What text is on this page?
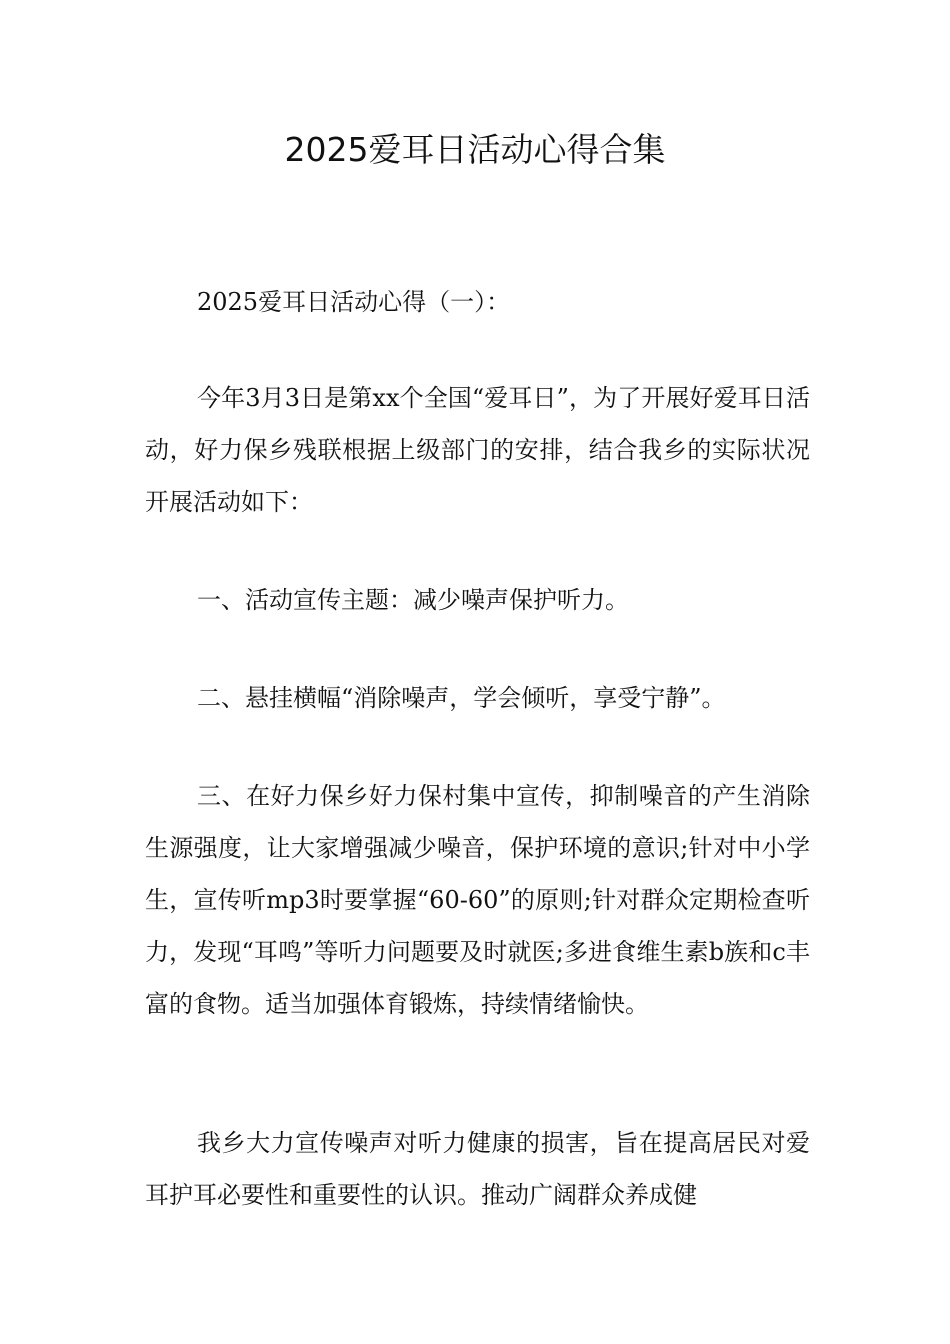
2025爱耳日活动心得合集

2025爱耳日活动心得（一）：

今年3月3日是第xx个全国“爱耳日”，为了开展好爱耳日活动，好力保乡残联根据上级部门的安排，结合我乡的实际状况开展活动如下：

一、活动宣传主题：减少噪声保护听力。

二、悬挂横幅“消除噪声，学会倾听，享受宁静”。

三、在好力保乡好力保村集中宣传，抑制噪音的产生消除生源强度，让大家增强减少噪音，保护环境的意识;针对中小学生，宣传听mp3时要掌握“60-60”的原则;针对群众定期检查听力，发现“耳鸣”等听力问题要及时就医;多进食维生素b族和c丰富的食物。适当加强体育锻炼，持续情绪愉快。

我乡大力宣传噪声对听力健康的损害，旨在提高居民对爱耳护耳必要性和重要性的认识。推动广阔群众养成健
